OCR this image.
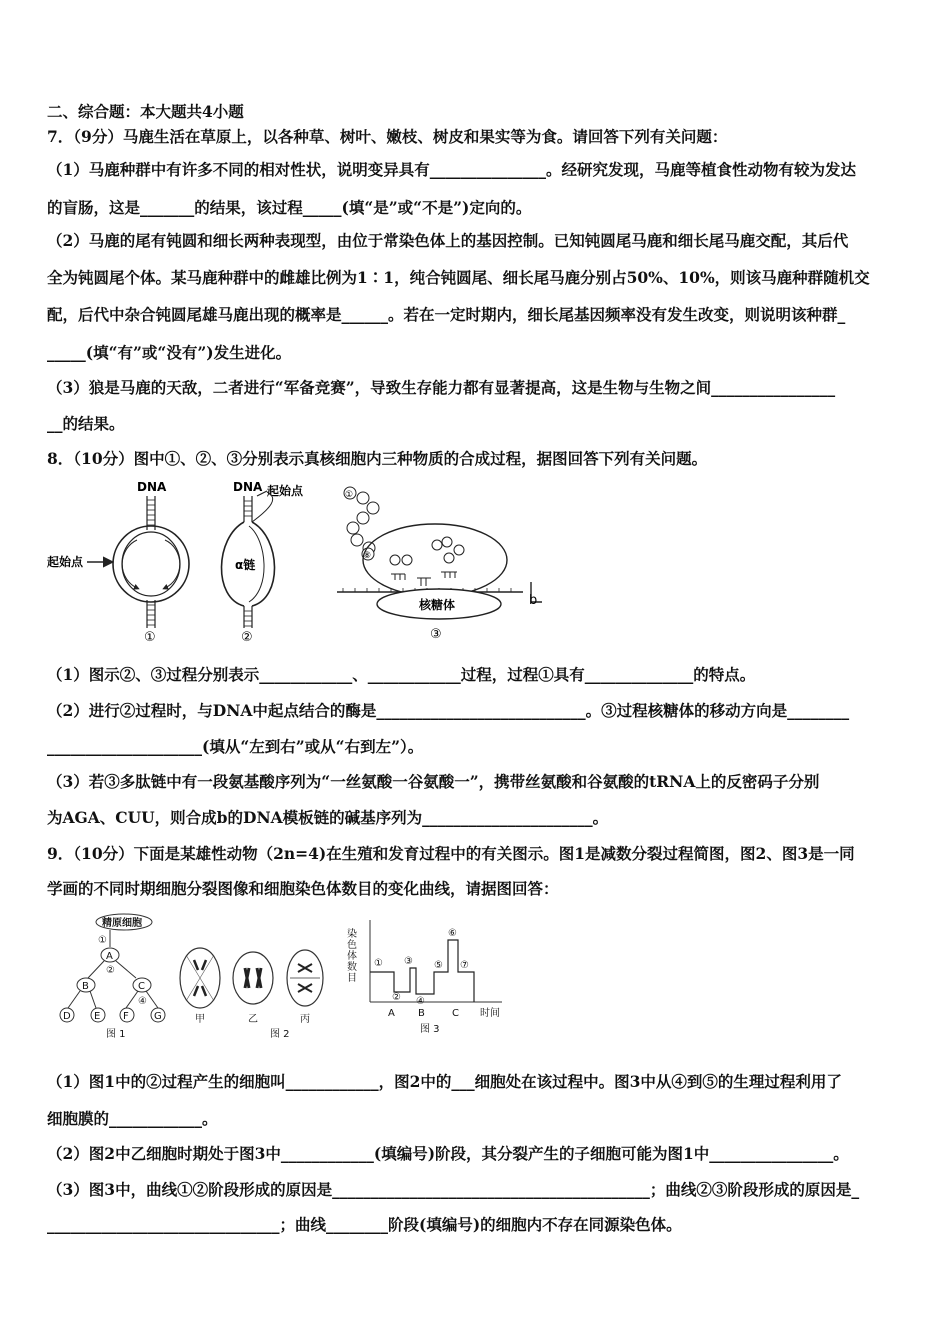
二、综合题：本大题共4小题
7．（9分）马鹿生活在草原上，以各种草、树叶、嫩枝、树皮和果实等为食。请回答下列有关问题：
（1）马鹿种群中有许多不同的相对性状，说明变异具有_______________。经研究发现，马鹿等植食性动物有较为发达
的盲肠，这是_______的结果，该过程_____(填“是”或“不是”)定向的。
（2）马鹿的尾有钝圆和细长两种表现型，由位于常染色体上的基因控制。已知钝圆尾马鹿和细长尾马鹿交配，其后代
全为钝圆尾个体。某马鹿种群中的雌雄比例为1∶1，纯合钝圆尾、细长尾马鹿分别占50%、10%，则该马鹿种群随机交
配，后代中杂合钝圆尾雄马鹿出现的概率是______。若在一定时期内，细长尾基因频率没有发生改变，则说明该种群_
_____(填“有”或“没有”)发生进化。
（3）狼是马鹿的天敌，二者进行“军备竞赛”，导致生存能力都有显著提高，这是生物与生物之间________________
__的结果。
8．（10分）图中①、②、③分别表示真核细胞内三种物质的合成过程，据图回答下列有关问题。
DNA
起始点
①
DNA 起始点
α链
②
①
⑧
核糖体	b
③
（1）图示②、③过程分别表示____________、____________过程，过程①具有______________的特点。
（2）进行②过程时，与DNA中起点结合的酶是___________________________。③过程核糖体的移动方向是________
____________________(填从“左到右”或从“右到左”）。
（3）若③多肽链中有一段氨基酸序列为“一丝氨酸一谷氨酸一”，携带丝氨酸和谷氨酸的tRNA上的反密码子分别
为AGA、CUU，则合成b的DNA模板链的碱基序列为______________________。
9．（10分）下面是某雄性动物（2n=4)在生殖和发育过程中的有关图示。图1是减数分裂过程简图，图2、图3是一同
学画的不同时期细胞分裂图像和细胞染色体数目的变化曲线，请据图回答：
精原细胞
①
A
②
B	C
④
D E F	G
图 1
甲	乙	丙
图 2
染色体数目 ①
②
③
④
⑤
⑥
⑦
A B	C 时间
图 3
（1）图1中的②过程产生的细胞叫____________，图2中的___细胞处在该过程中。图3中从④到⑤的生理过程利用了
细胞膜的____________。
（2）图2中乙细胞时期处于图3中____________(填编号)阶段，其分裂产生的子细胞可能为图1中________________。
（3）图3中，曲线①②阶段形成的原因是_________________________________________；曲线②③阶段形成的原因是_
______________________________；曲线________阶段(填编号)的细胞内不存在同源染色体。
